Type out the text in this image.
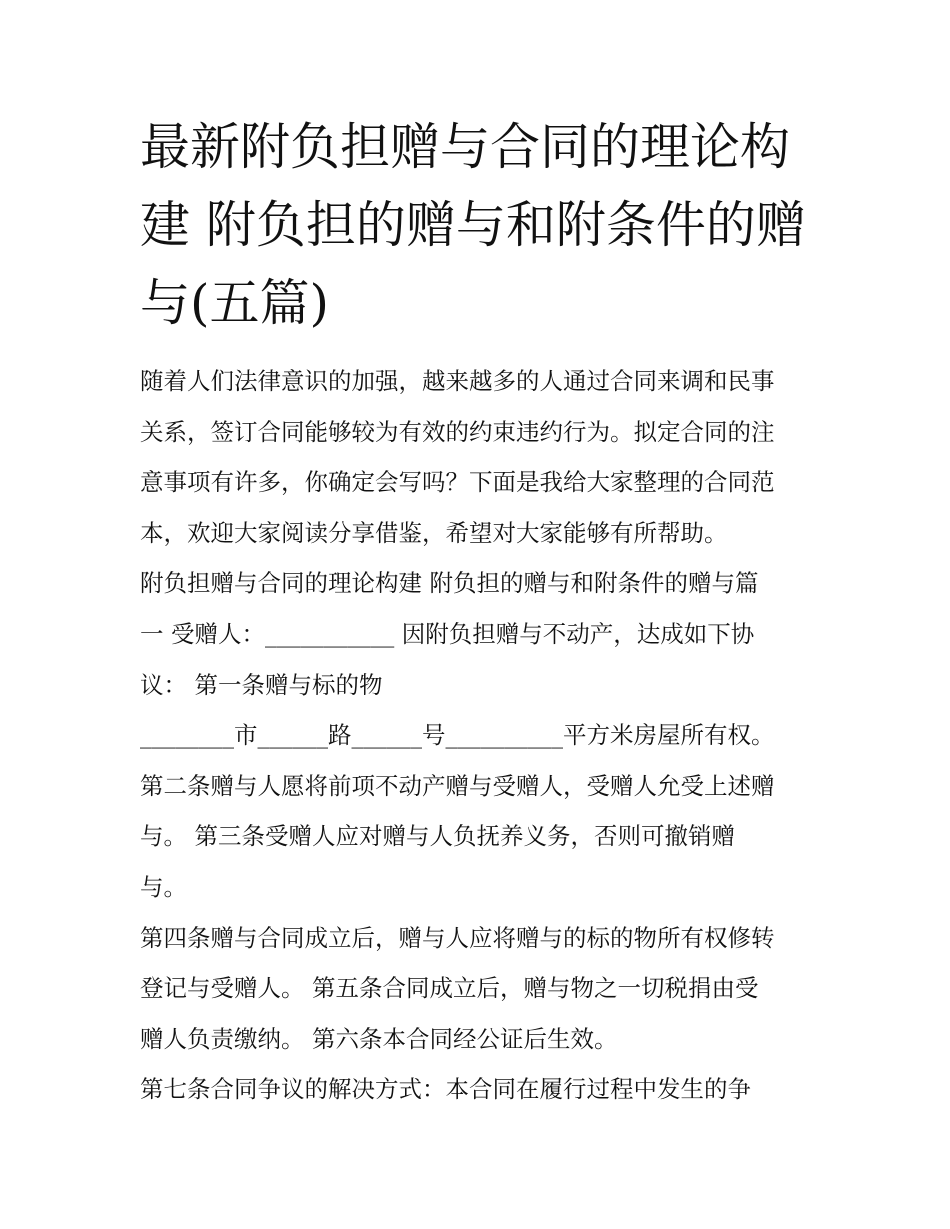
最新附负担赠与合同的理论构
建 附负担的赠与和附条件的赠
与(五篇)
随着人们法律意识的加强，越来越多的人通过合同来调和民事
关系，签订合同能够较为有效的约束违约行为。拟定合同的注
意事项有许多，你确定会写吗？下面是我给大家整理的合同范
本，欢迎大家阅读分享借鉴，希望对大家能够有所帮助。
附负担赠与合同的理论构建 附负担的赠与和附条件的赠与篇
一 受赠人：___________ 因附负担赠与不动产，达成如下协
议： 第一条赠与标的物
________市______路______号__________平方米房屋所有权。
第二条赠与人愿将前项不动产赠与受赠人，受赠人允受上述赠
与。 第三条受赠人应对赠与人负抚养义务，否则可撤销赠
与。
第四条赠与合同成立后，赠与人应将赠与的标的物所有权修转
登记与受赠人。 第五条合同成立后，赠与物之一切税捐由受
赠人负责缴纳。 第六条本合同经公证后生效。
第七条合同争议的解决方式：本合同在履行过程中发生的争
